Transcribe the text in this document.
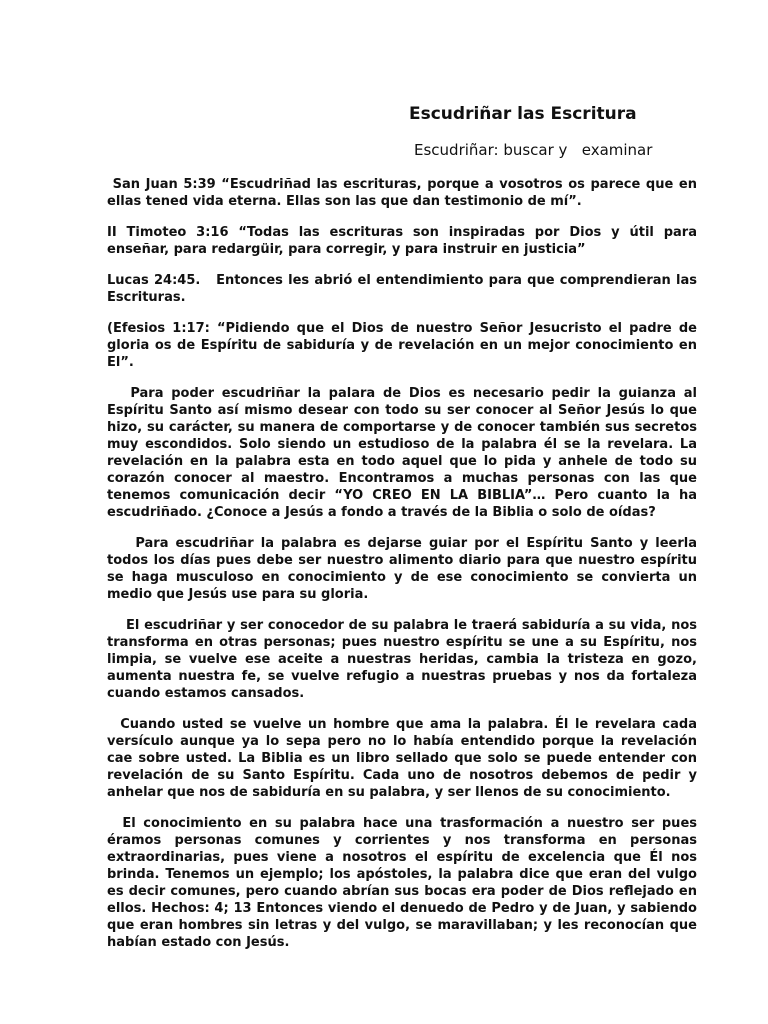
Escudriñar las Escritura

Escudriñar: buscar y   examinar

San Juan 5:39 “Escudriñad las escrituras, porque a vosotros os parece que en ellas tened vida eterna. Ellas son las que dan testimonio de mí”.

II Timoteo 3:16 “Todas las escrituras son inspiradas por Dios y útil para enseñar, para redargüir, para corregir, y para instruir en justicia”

Lucas 24:45.   Entonces les abrió el entendimiento para que comprendieran las Escrituras.

(Efesios 1:17: “Pidiendo que el Dios de nuestro Señor Jesucristo el padre de gloria os de Espíritu de sabiduría y de revelación en un mejor conocimiento en El”.

Para poder escudriñar la palara de Dios es necesario pedir la guianza al Espíritu Santo así mismo desear con todo su ser conocer al Señor Jesús lo que hizo, su carácter, su manera de comportarse y de conocer también sus secretos muy escondidos. Solo siendo un estudioso de la palabra él se la revelara. La revelación en la palabra esta en todo aquel que lo pida y anhele de todo su corazón conocer al maestro. Encontramos a muchas personas con las que tenemos comunicación decir “YO CREO EN LA BIBLIA”… Pero cuanto la ha escudriñado. ¿Conoce a Jesús a fondo a través de la Biblia o solo de oídas?

Para escudriñar la palabra es dejarse guiar por el Espíritu Santo y leerla todos los días pues debe ser nuestro alimento diario para que nuestro espíritu se haga musculoso en conocimiento y de ese conocimiento se convierta un medio que Jesús use para su gloria.

El escudriñar y ser conocedor de su palabra le traerá sabiduría a su vida, nos transforma en otras personas; pues nuestro espíritu se une a su Espíritu, nos limpia, se vuelve ese aceite a nuestras heridas, cambia la tristeza en gozo, aumenta nuestra fe, se vuelve refugio a nuestras pruebas y nos da fortaleza cuando estamos cansados.

Cuando usted se vuelve un hombre que ama la palabra. Él le revelara cada versículo aunque ya lo sepa pero no lo había entendido porque la revelación cae sobre usted. La Biblia es un libro sellado que solo se puede entender con revelación de su Santo Espíritu. Cada uno de nosotros debemos de pedir y anhelar que nos de sabiduría en su palabra, y ser llenos de su conocimiento.

El conocimiento en su palabra hace una trasformación a nuestro ser pues éramos personas comunes y corrientes y nos transforma en personas extraordinarias, pues viene a nosotros el espíritu de excelencia que Él nos brinda. Tenemos un ejemplo; los apóstoles, la palabra dice que eran del vulgo es decir comunes, pero cuando abrían sus bocas era poder de Dios reflejado en ellos. Hechos: 4; 13 Entonces viendo el denuedo de Pedro y de Juan, y sabiendo que eran hombres sin letras y del vulgo, se maravillaban; y les reconocían que habían estado con Jesús.
